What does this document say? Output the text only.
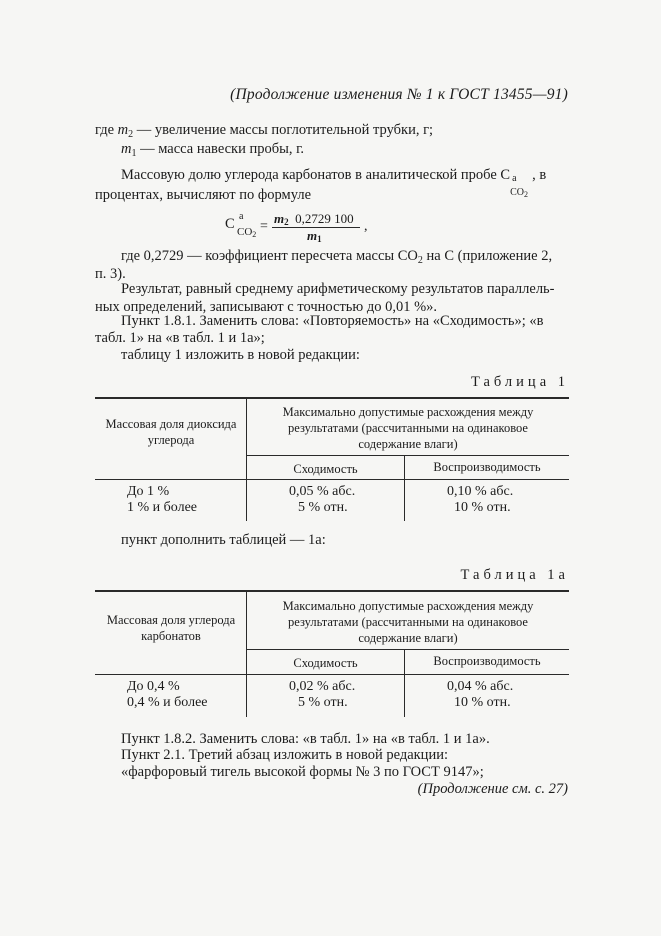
(Продолжение изменения № 1 к ГОСТ 13455—91)
где $m_2$ — увеличение массы поглотительной трубки, г;
$m_1$ — масса навески пробы, г.
Массовую долю углерода карбонатов в аналитической пробе C a
$CO_2$
, в
процентах, вычисляют по формуле
C a
CO2
=
m2 0,2729 100
m1
,
где 0,2729 — коэффициент пересчета массы $CO_2$ на C (приложение 2,
п. 3).
Результат, равный среднему арифметическому результатов параллель-
ных определений, записывают с точностью до 0,01 %».
Пункт 1.8.1. Заменить слова: «Повторяемость» на «Сходимость»; «в
табл. 1» на «в табл. 1 и 1а»;
таблицу 1 изложить в новой редакции:
Таблица 1
Массовая доля диоксида углерода
Максимально допустимые расхождения между результатами (рассчитанными на одинаковое содержание влаги)
Сходимость	Воспроизводимость
До 1 %	0,05 % абс.	0,10 % абс.
1 % и более	5 % отн.	10 % отн.
пункт дополнить таблицей — 1а:
Таблица 1а
Массовая доля углерода карбонатов
Максимально допустимые расхождения между результатами (рассчитанными на одинаковое содержание влаги)
Сходимость	Воспроизводимость
До 0,4 %	0,02 % абс.	0,04 % абс.
0,4 % и более	5 % отн.	10 % отн.
Пункт 1.8.2. Заменить слова: «в табл. 1» на «в табл. 1 и 1а».
Пункт 2.1. Третий абзац изложить в новой редакции:
«фарфоровый тигель высокой формы № 3 по ГОСТ 9147»;
(Продолжение см. с. 27)
